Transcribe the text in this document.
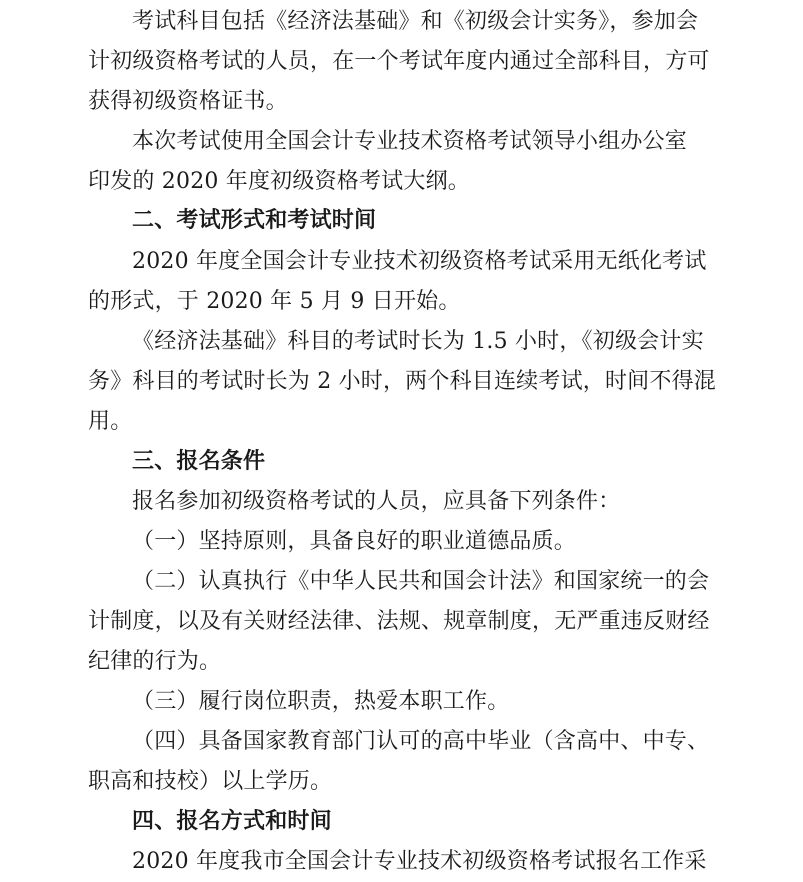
考试科目包括《经济法基础》和《初级会计实务》，参加会
计初级资格考试的人员，在一个考试年度内通过全部科目，方可
获得初级资格证书。
本次考试使用全国会计专业技术资格考试领导小组办公室
印发的 2020 年度初级资格考试大纲。
二、考试形式和考试时间
2020 年度全国会计专业技术初级资格考试采用无纸化考试
的形式，于 2020 年 5 月 9 日开始。
《经济法基础》科目的考试时长为 1.5 小时，《初级会计实
务》科目的考试时长为 2 小时，两个科目连续考试，时间不得混
用。
三、报名条件
报名参加初级资格考试的人员，应具备下列条件：
（一）坚持原则，具备良好的职业道德品质。
（二）认真执行《中华人民共和国会计法》和国家统一的会
计制度，以及有关财经法律、法规、规章制度，无严重违反财经
纪律的行为。
（三）履行岗位职责，热爱本职工作。
（四）具备国家教育部门认可的高中毕业（含高中、中专、
职高和技校）以上学历。
四、报名方式和时间
2020 年度我市全国会计专业技术初级资格考试报名工作采
